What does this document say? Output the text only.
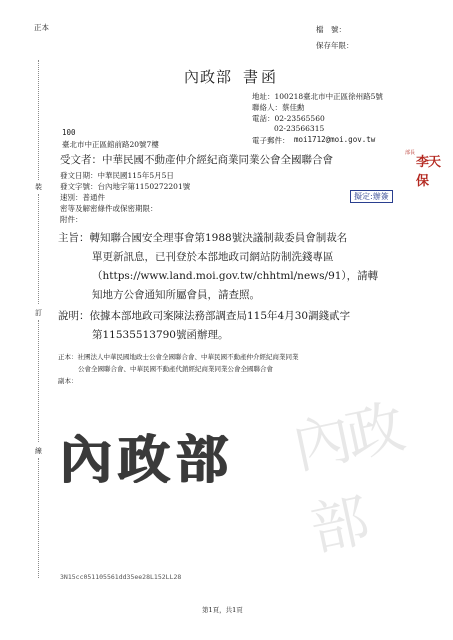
內政部
正本	檔　號：
保存年限：
內政部 書函
地址：100218臺北市中正區徐州路5號
聯絡人：蔡佳勳
電話：02-23565560
02-23566315
電子郵件： moi1712@moi.gov.tw
100
臺北市中正區館前路20號7樓
受文者：中華民國不動產仲介經紀商業同業公會全國聯合會
發文日期：中華民國115年5月5日
發文字號：台內地字第1150272201號
速別：普通件
密等及解密條件或保密期限：
附件：
部長
李天保
擬定:辦簽
主旨：轉知聯合國安全理事會第1988號決議制裁委員會制裁名
單更新訊息，已刊登於本部地政司網站防制洗錢專區
（https://www.land.moi.gov.tw/chhtml/news/91），請轉
知地方公會通知所屬會員，請查照。
說明：依據本部地政司案陳法務部調查局115年4月30調錢貳字
第11535513790號函辦理。
正本：社團法人中華民國地政士公會全國聯合會、中華民國不動產仲介經紀商業同業
公會全國聯合會、中華民國不動產代銷經紀商業同業公會全國聯合會
副本：
內政部
裝
訂
線
3N15cc051105561dd35ee28L152LL28
第1頁，共1頁
